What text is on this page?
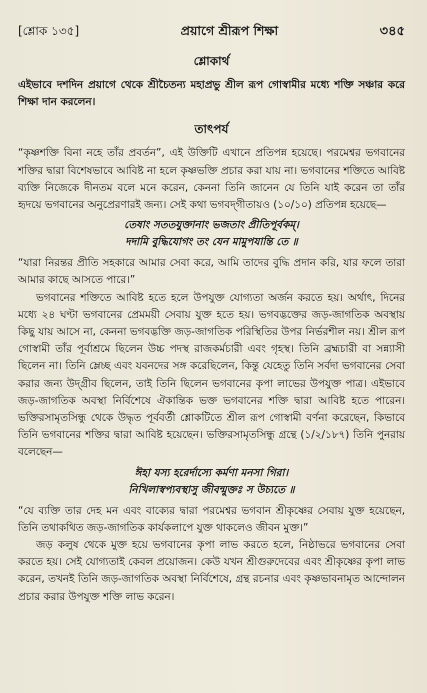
[শ্লোক ১৩৫]	প্রয়াগে শ্রীরূপ শিক্ষা	৩৪৫
শ্লোকার্থ

এইভাবে দশদিন প্রয়াগে থেকে শ্রীচৈতন্য মহাপ্রভু শ্রীল রূপ গোস্বামীর মধ্যে শক্তি সঞ্চার করে শিক্ষা দান করলেন।

তাৎপর্য

“কৃষ্ণশক্তি বিনা নহে তাঁর প্রবর্তন”, এই উক্তিটি এখানে প্রতিপন্ন হয়েছে। পরমেশ্বর ভগবানের শক্তির দ্বারা বিশেষভাবে আবিষ্ট না হলে কৃষ্ণভক্তি প্রচার করা যায় না। ভগবানের শক্তিতে আবিষ্ট ব্যক্তি নিজেকে দীনতম বলে মনে করেন, কেননা তিনি জানেন যে তিনি যাই করেন তা তাঁর হৃদয়ে ভগবানের অনুপ্রেরণারই জন্য। সেই কথা ভগবদ্‌গীতায়ও (১০/১০) প্রতিপন্ন হয়েছে—

তেষাং সততযুক্তানাং ভজতাং প্রীতিপূর্বকম্‌।
দদামি বুদ্ধিযোগং তং যেন মামুপযান্তি তে ॥

“যারা নিরন্তর প্রীতি সহকারে আমার সেবা করে, আমি তাদের বুদ্ধি প্রদান করি, যার ফলে তারা আমার কাছে আসতে পারে।”

ভগবানের শক্তিতে আবিষ্ট হতে হলে উপযুক্ত যোগ্যতা অর্জন করতে হয়। অর্থাৎ, দিনের মধ্যে ২৪ ঘণ্টা ভগবানের প্রেমময়ী সেবায় যুক্ত হতে হয়। ভগবদ্ভক্তের জড়-জাগতিক অবস্থায় কিছু যায় আসে না, কেননা ভগবদ্ভক্তি জড়-জাগতিক পরিস্থিতির উপর নির্ভরশীল নয়। শ্রীল রূপ গোস্বামী তাঁর পূর্বাশ্রমে ছিলেন উচ্চ পদস্থ রাজকর্মচারী এবং গৃহস্থ। তিনি ব্রহ্মচারী বা সন্ন্যাসী ছিলেন না। তিনি ম্লেচ্ছ এবং যবনদের সঙ্গ করেছিলেন, কিন্তু যেহেতু তিনি সর্বদা ভগবানের সেবা করার জন্য উদ্‌গ্রীব ছিলেন, তাই তিনি ছিলেন ভগবানের কৃপা লাভের উপযুক্ত পাত্র। এইভাবে জড়-জাগতিক অবস্থা নির্বিশেষে ঐকান্তিক ভক্ত ভগবানের শক্তি দ্বারা আবিষ্ট হতে পারেন। ভক্তিরসামৃতসিন্ধু থেকে উদ্ধৃত পূর্ববর্তী শ্লোকটিতে শ্রীল রূপ গোস্বামী বর্ণনা করেছেন, কিভাবে তিনি ভগবানের শক্তির দ্বারা আবিষ্ট হয়েছেন। ভক্তিরসামৃতসিন্ধু গ্রন্থে (১/২/১৮৭) তিনি পুনরায় বলেছেন—

ঈহা যস্য হরের্দাস্যে কর্মণা মনসা গিরা।
নিখিলাস্বপ্যবস্থাসু জীবন্মুক্তঃ স উচ্যতে ॥

“যে ব্যক্তি তার দেহ মন এবং বাক্যের দ্বারা পরমেশ্বর ভগবান শ্রীকৃষ্ণের সেবায় যুক্ত হয়েছেন, তিনি তথাকথিত জড়-জাগতিক কার্যকলাপে যুক্ত থাকলেও জীবন মুক্ত।”

জড় কলুষ থেকে মুক্ত হয়ে ভগবানের কৃপা লাভ করতে হলে, নিষ্ঠাভরে ভগবানের সেবা করতে হয়। সেই যোগ্যতাই কেবল প্রয়োজন। কেউ যখন শ্রীগুরুদেবের এবং শ্রীকৃষ্ণের কৃপা লাভ করেন, তখনই তিনি জড়-জাগতিক অবস্থা নির্বিশেষে, গ্রন্থ রচনার এবং কৃষ্ণভাবনামৃত আন্দোলন প্রচার করার উপযুক্ত শক্তি লাভ করেন।
